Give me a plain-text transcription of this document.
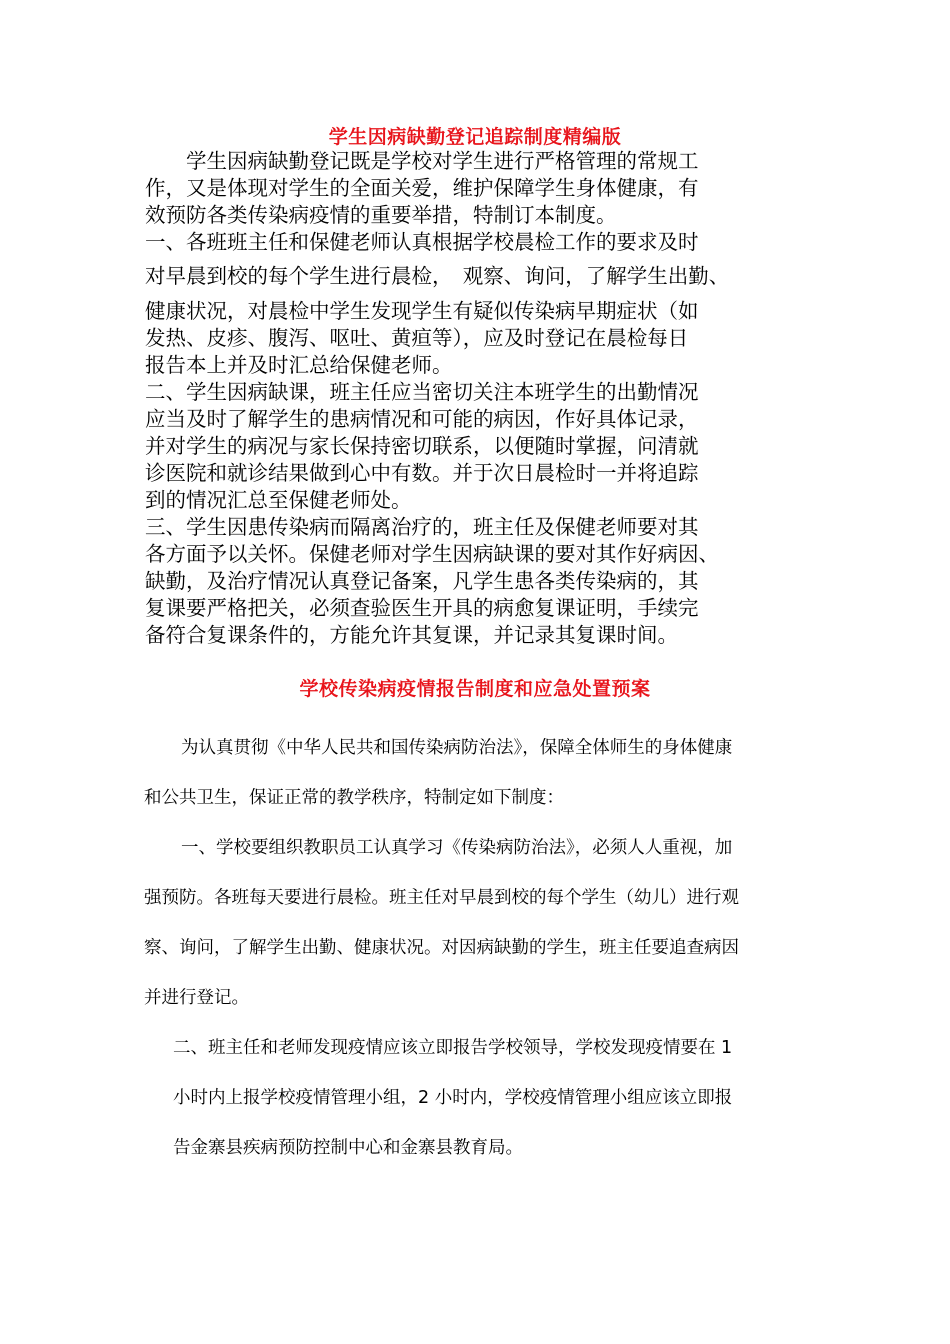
学生因病缺勤登记追踪制度精编版

　　学生因病缺勤登记既是学校对学生进行严格管理的常规工

作，又是体现对学生的全面关爱，维护保障学生身体健康，有

效预防各类传染病疫情的重要举措，特制订本制度。

一、各班班主任和保健老师认真根据学校晨检工作的要求及时

对早晨到校的每个学生进行晨检，　观察、询问，了解学生出勤、

健康状况，对晨检中学生发现学生有疑似传染病早期症状（如

发热、皮疹、腹泻、呕吐、黄疸等），应及时登记在晨检每日

报告本上并及时汇总给保健老师。

二、学生因病缺课，班主任应当密切关注本班学生的出勤情况

应当及时了解学生的患病情况和可能的病因，作好具体记录，

并对学生的病况与家长保持密切联系，以便随时掌握，问清就

诊医院和就诊结果做到心中有数。并于次日晨检时一并将追踪

到的情况汇总至保健老师处。

三、学生因患传染病而隔离治疗的，班主任及保健老师要对其

各方面予以关怀。保健老师对学生因病缺课的要对其作好病因、

缺勤，及治疗情况认真登记备案，凡学生患各类传染病的，其

复课要严格把关，必须查验医生开具的病愈复课证明，手续完

备符合复课条件的，方能允许其复课，并记录其复课时间。

学校传染病疫情报告制度和应急处置预案

为认真贯彻《中华人民共和国传染病防治法》，保障全体师生的身体健康

和公共卫生，保证正常的教学秩序，特制定如下制度：

一、学校要组织教职员工认真学习《传染病防治法》，必须人人重视，加

强预防。各班每天要进行晨检。班主任对早晨到校的每个学生（幼儿）进行观

察、询问，了解学生出勤、健康状况。对因病缺勤的学生，班主任要追查病因

并进行登记。

二、班主任和老师发现疫情应该立即报告学校领导，学校发现疫情要在 1

小时内上报学校疫情管理小组，2 小时内，学校疫情管理小组应该立即报

告金寨县疾病预防控制中心和金寨县教育局。
